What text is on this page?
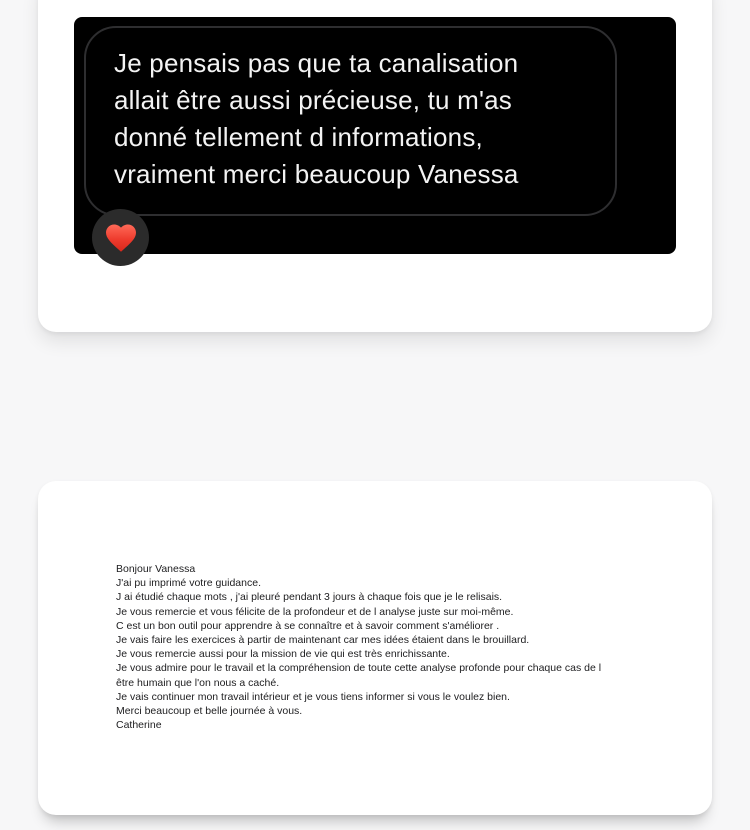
Je pensais pas que ta canalisation
allait être aussi précieuse, tu m'as
donné tellement d informations,
vraiment merci beaucoup Vanessa
Bonjour Vanessa
J'ai pu imprimé votre guidance.
J ai étudié chaque mots , j'ai pleuré pendant 3 jours à chaque fois que je le relisais.
Je vous remercie et vous félicite de la profondeur et de l analyse juste sur moi-même.
C est un bon outil pour apprendre à se connaître et à savoir comment s'améliorer .
Je vais faire les exercices à partir de maintenant car mes idées étaient dans le brouillard.
Je vous remercie aussi pour la mission de vie qui est très enrichissante.
Je vous admire pour le travail et la compréhension de toute cette analyse profonde pour chaque cas de l
être humain que l'on nous a caché.
Je vais continuer mon travail intérieur et je vous tiens informer si vous le voulez bien.
Merci beaucoup et belle journée à vous.
Catherine
